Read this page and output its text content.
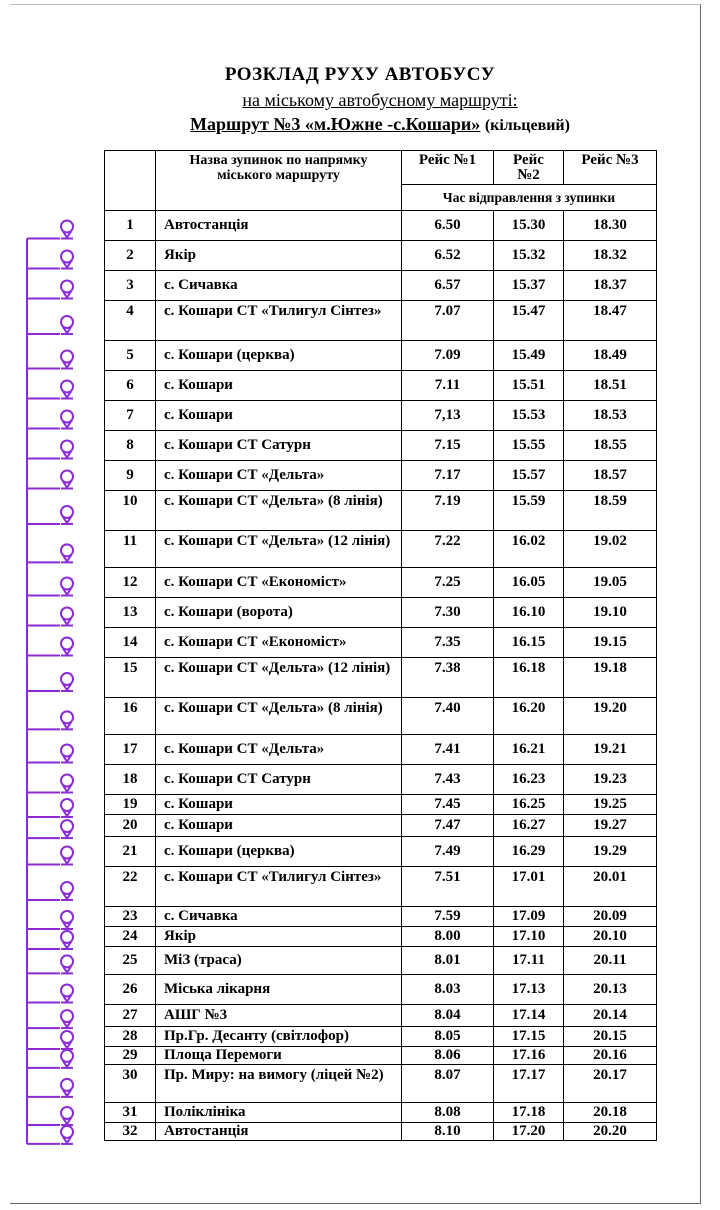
РОЗКЛАД РУХУ АВТОБУСУ
на міському автобусному маршруті:
Маршрут №3 «м.Южне -с.Кошари» (кільцевий)
	Назва зупинок по напрямку міського маршруту	Рейс №1	Рейс №2	Рейс №3
		Час відправлення з зупинки		
1	Автостанція	6.50	15.30	18.30
2	Якір	6.52	15.32	18.32
3	с. Сичавка	6.57	15.37	18.37
4	с. Кошари СТ «Тилигул Сінтез»	7.07	15.47	18.47
5	с. Кошари (церква)	7.09	15.49	18.49
6	с. Кошари	7.11	15.51	18.51
7	с. Кошари	7,13	15.53	18.53
8	с. Кошари СТ Сатурн	7.15	15.55	18.55
9	с. Кошари СТ «Дельта»	7.17	15.57	18.57
10	с. Кошари СТ «Дельта» (8 лінія)	7.19	15.59	18.59
11	с. Кошари СТ «Дельта» (12 лінія)	7.22	16.02	19.02
12	с. Кошари СТ «Економіст»	7.25	16.05	19.05
13	с. Кошари (ворота)	7.30	16.10	19.10
14	с. Кошари СТ «Економіст»	7.35	16.15	19.15
15	с. Кошари СТ «Дельта» (12 лінія)	7.38	16.18	19.18
16	с. Кошари СТ «Дельта» (8 лінія)	7.40	16.20	19.20
17	с. Кошари СТ «Дельта»	7.41	16.21	19.21
18	с. Кошари СТ Сатурн	7.43	16.23	19.23
19	с. Кошари	7.45	16.25	19.25
20	с. Кошари	7.47	16.27	19.27
21	с. Кошари (церква)	7.49	16.29	19.29
22	с. Кошари СТ «Тилигул Сінтез»	7.51	17.01	20.01
23	с. Сичавка	7.59	17.09	20.09
24	Якір	8.00	17.10	20.10
25	МіЗ (траса)	8.01	17.11	20.11
26	Міська лікарня	8.03	17.13	20.13
27	АШГ №3	8.04	17.14	20.14
28	Пр.Гр. Десанту (світлофор)	8.05	17.15	20.15
29	Площа Перемоги	8.06	17.16	20.16
30	Пр. Миру: на вимогу (ліцей №2)	8.07	17.17	20.17
31	Поліклініка	8.08	17.18	20.18
32	Автостанція	8.10	17.20	20.20
